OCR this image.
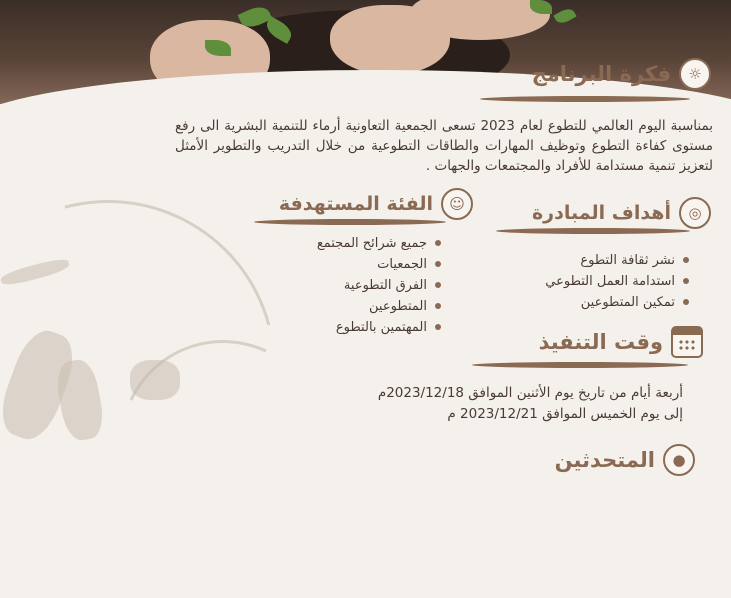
☼
فكرة البرنامج
بمناسبة اليوم العالمي للتطوع لعام 2023 تسعى الجمعية التعاونية أرماء للتنمية البشرية الى رفع مستوى كفاءة التطوع وتوظيف المهارات والطاقات التطوعية من خلال التدريب والتطوير الأمثل لتعزيز تنمية مستدامة للأفراد والمجتمعات والجهات .
◎
أهداف المبادرة
نشر ثقافة التطوع
استدامة العمل التطوعي
تمكين المتطوعين
☺
الفئة المستهدفة
جميع شرائح المجتمع
الجمعيات
الفرق التطوعية
المتطوعين
المهتمين بالتطوع
وقت التنفيذ
أربعة أيام من تاريخ يوم الأثنين الموافق 2023/12/18م
إلى يوم الخميس الموافق 2023/12/21 م
●
المتحدثين
